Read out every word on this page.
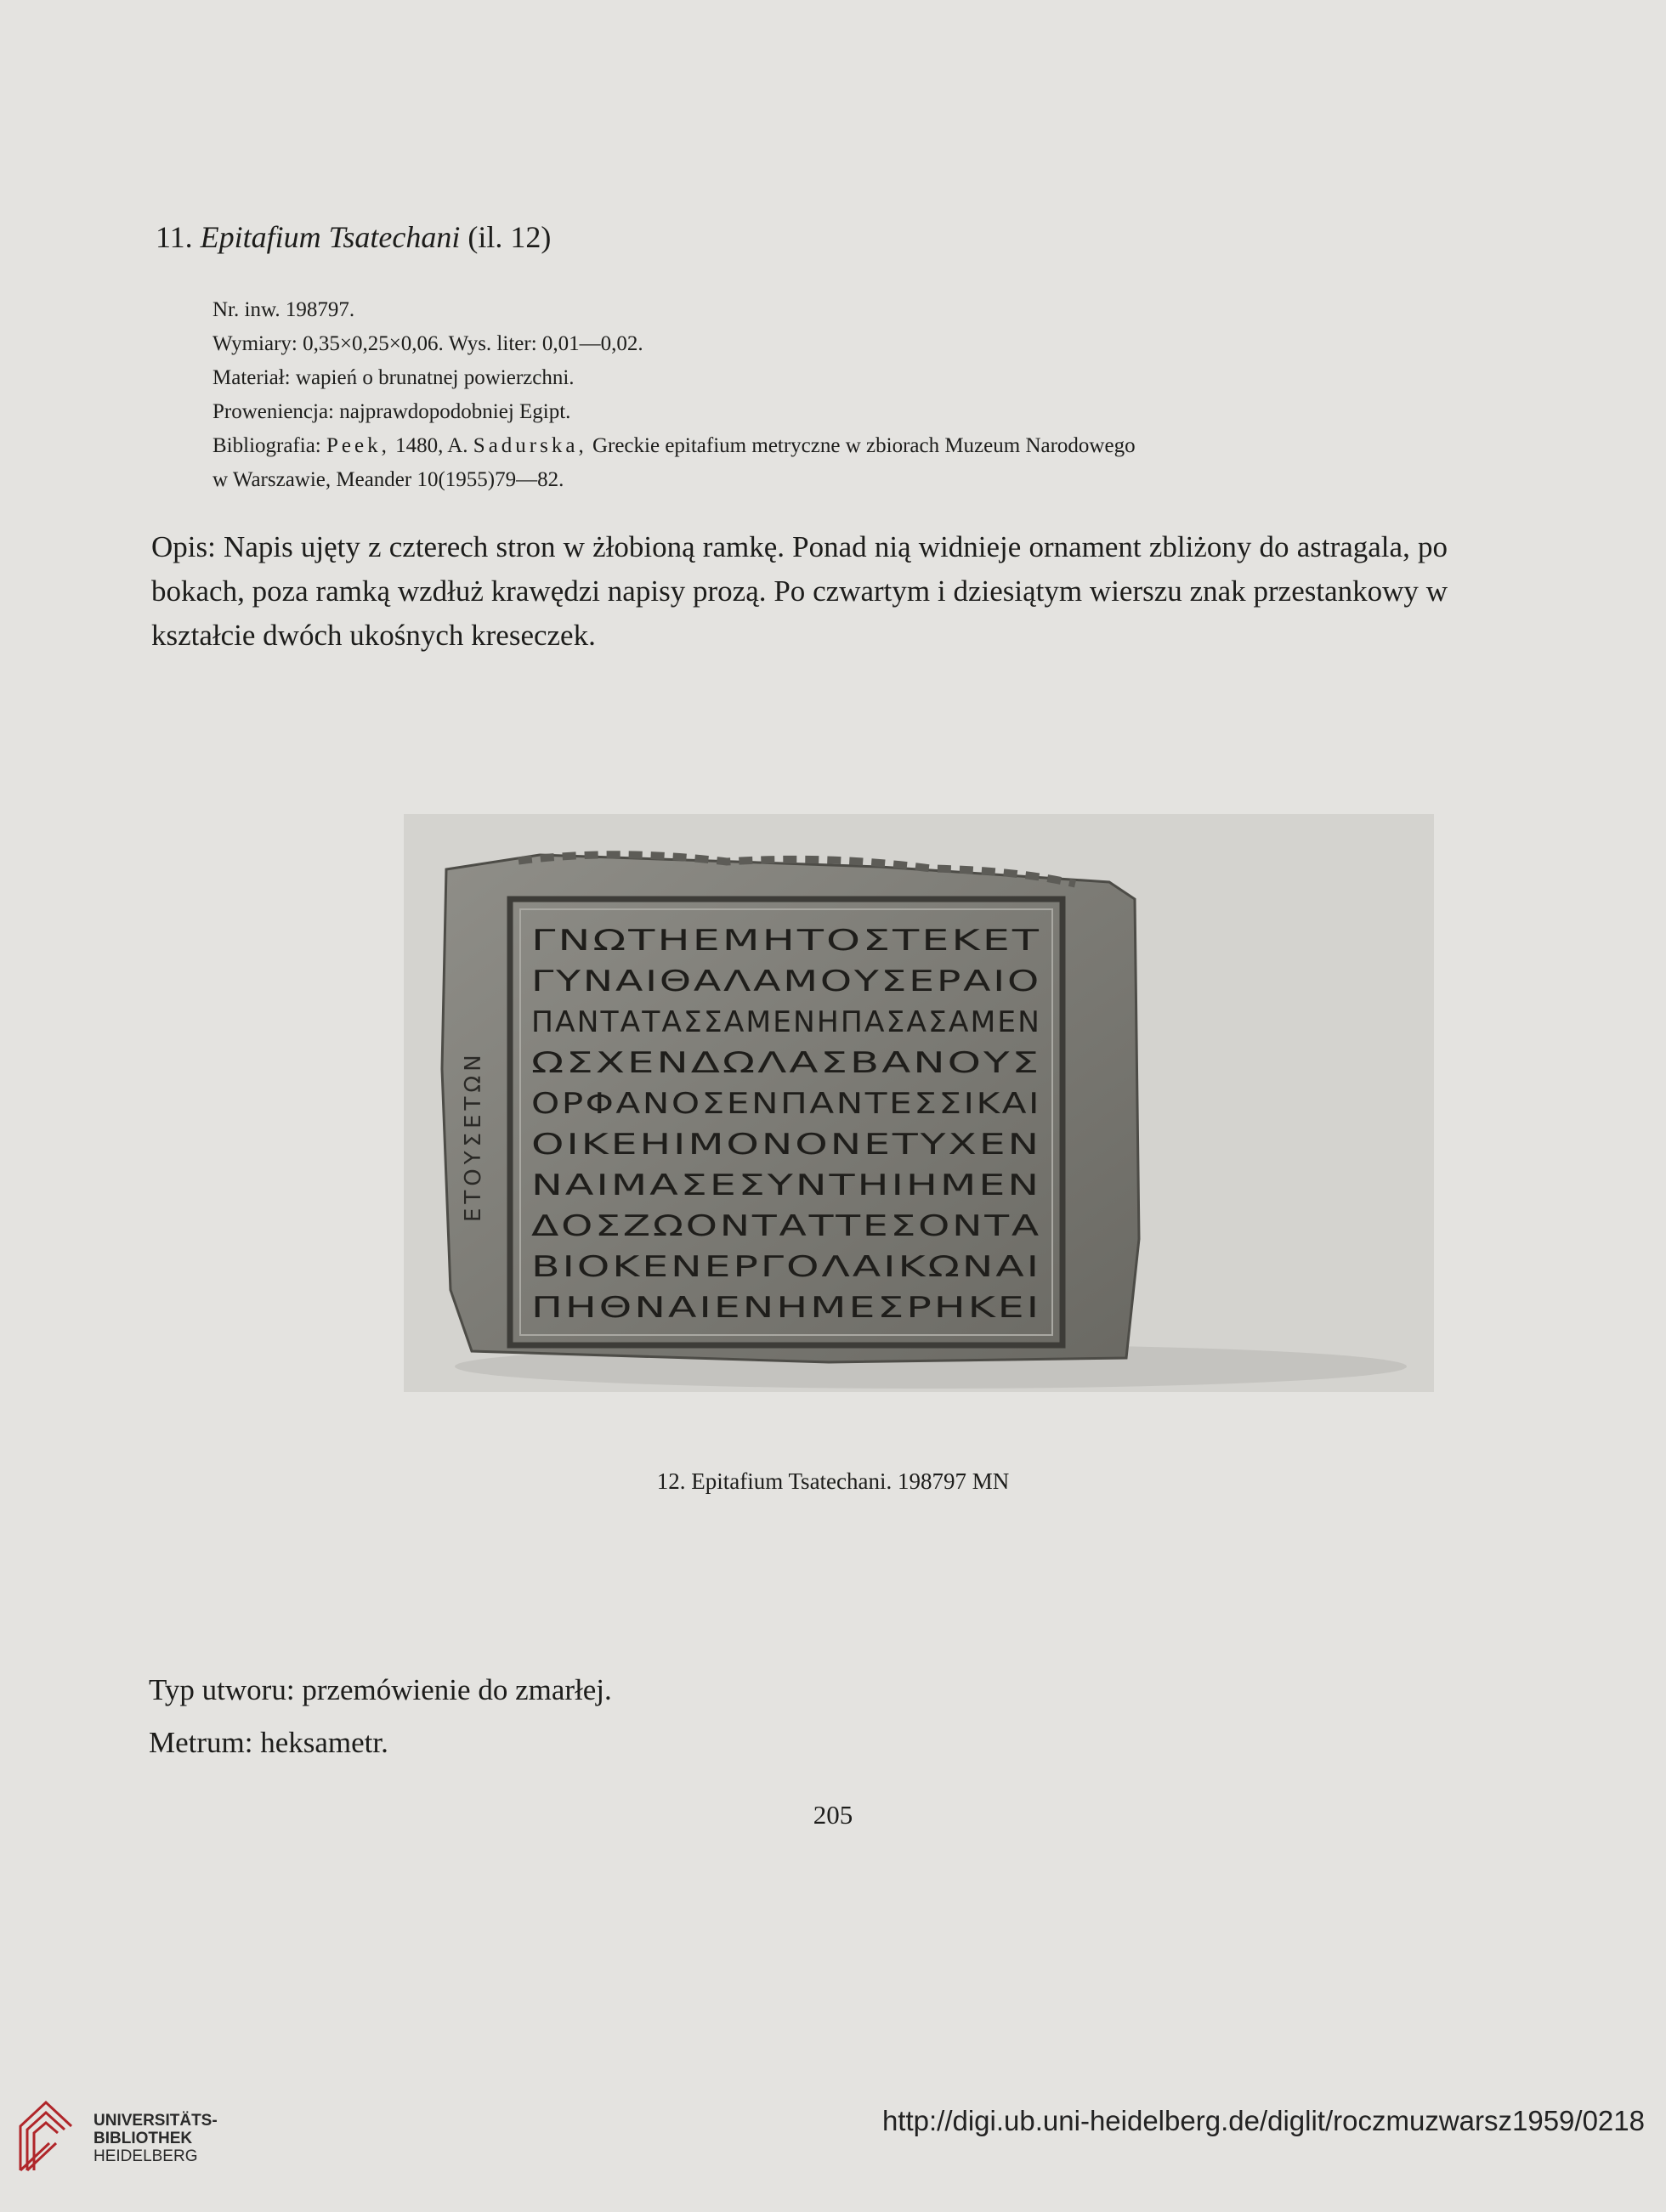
11. Epitafium Tsatechani (il. 12)
Nr. inw. 198797.
Wymiary: 0,35×0,25×0,06. Wys. liter: 0,01—0,02.
Materiał: wapień o brunatnej powierzchni.
Proweniencja: najprawdopodobniej Egipt.
Bibliografia: Peek, 1480, A. Sadurska, Greckie epitafium metryczne w zbiorach Muzeum Narodowego
w Warszawie, Meander 10(1955)79—82.
Opis: Napis ujęty z czterech stron w żłobioną ramkę. Ponad nią widnieje ornament zbliżony do astragala, po bokach, poza ramką wzdłuż krawędzi napisy prozą. Po czwartym i dziesiątym wierszu znak przestankowy w kształcie dwóch ukośnych kreseczek.
ΓΝΩΤΗΕΜΗΤΟΣΤΕΚΕΤ
ΓΥΝΑΙΘΑΛΑΜΟΥΣΕΡΑΙΟ
ΠΑΝΤΑΤΑΣΣΑΜΕΝΗΠΑΣΑΣΑΜΕΝ
ΩΣΧΕΝΔΩΛΑΣΒΑΝΟΥΣ
ΟΡΦΑΝΟΣΕΝΠΑΝΤΕΣΣΙΚΑΙ
ΟΙΚΕΗΙΜΟΝΟΝΕΤΥΧΕΝ
ΝΑΙΜΑΣΕΣΥΝΤΗΙΗΜΕΝ
ΔΟΣΖΩΟΝΤΑΤΤΕΣΟΝΤΑ
ΒΙΟΚΕΝΕΡΓΟΛΑΙΚΩΝΑΙ
ΠΗΘΝΑΙΕΝΗΜΕΣΡΗΚΕΙ
ΕΤΟΥΣΕΤΩΝ
12. Epitafium Tsatechani. 198797 MN
Typ utworu: przemówienie do zmarłej.
Metrum: heksametr.
205
UNIVERSITÄTS-
BIBLIOTHEK
HEIDELBERG
http://digi.ub.uni-heidelberg.de/diglit/roczmuzwarsz1959/0218
